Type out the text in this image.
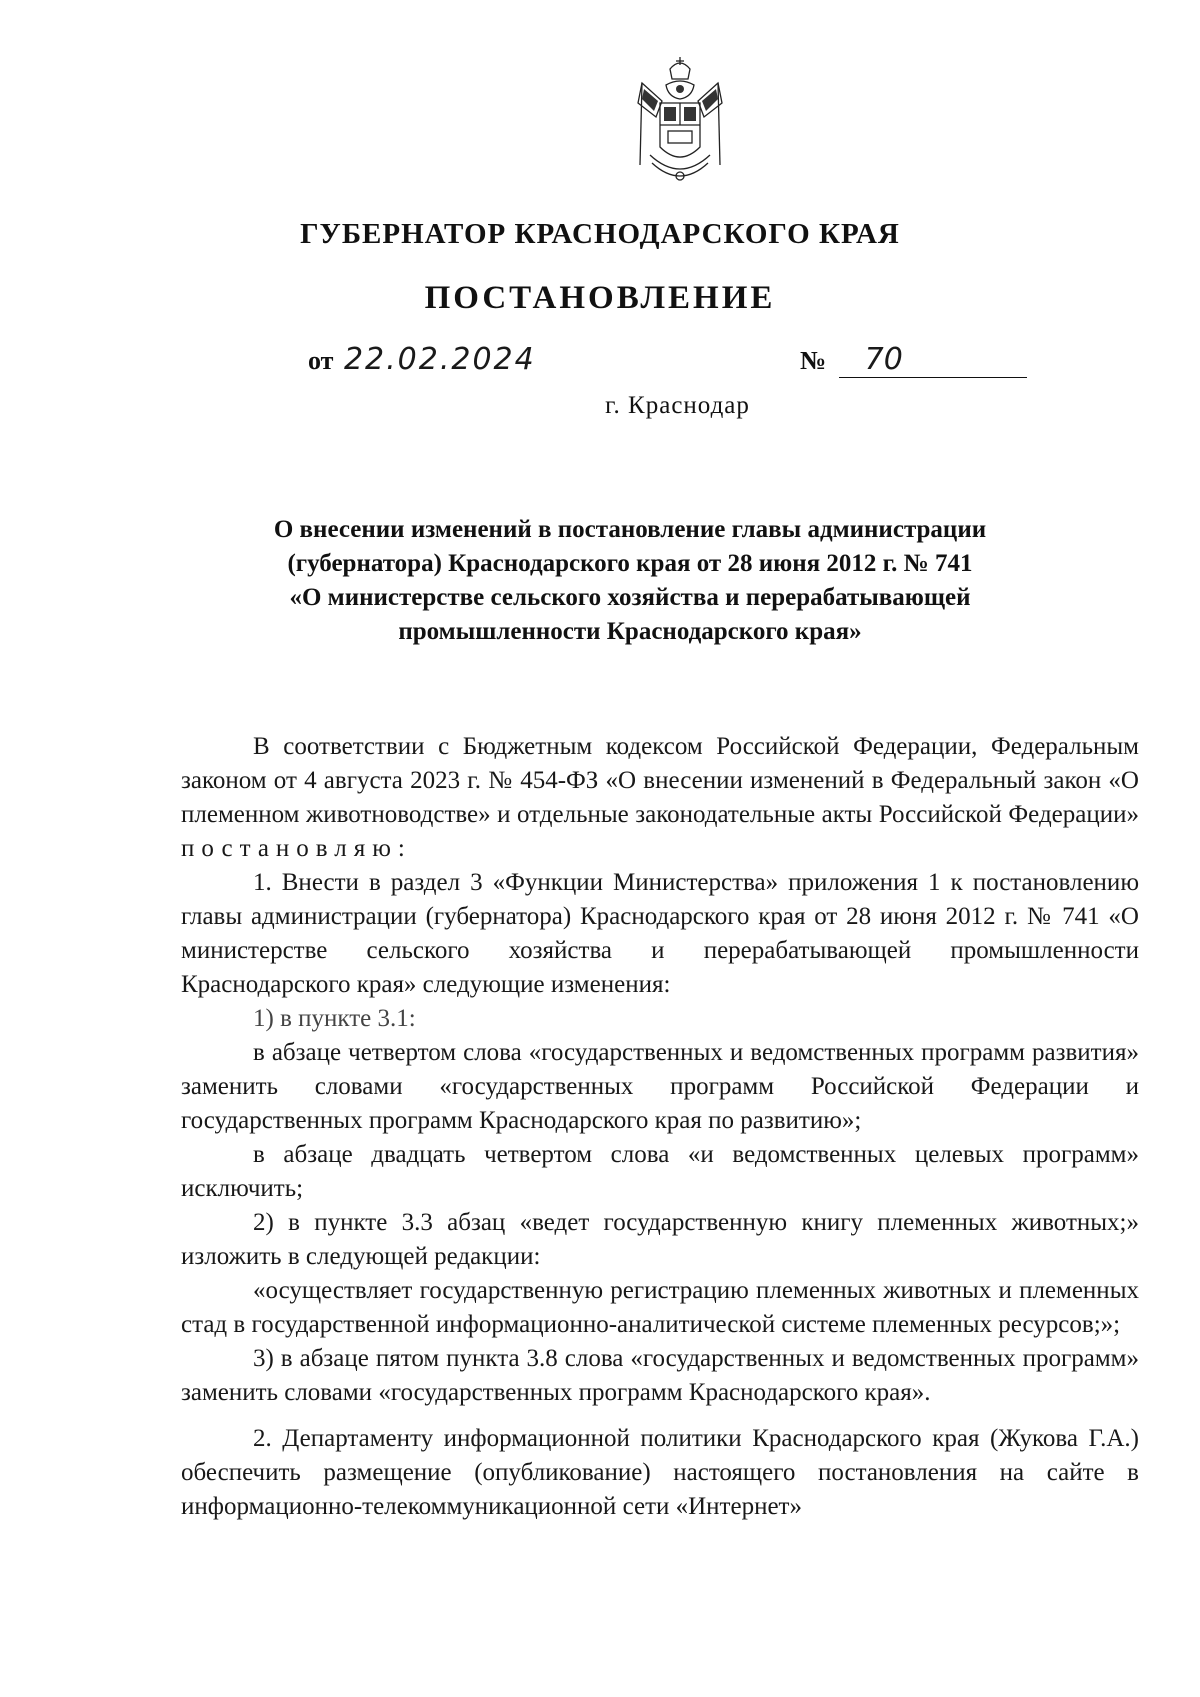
ГУБЕРНАТОР КРАСНОДАРСКОГО КРАЯ
ПОСТАНОВЛЕНИЕ
от 22.02.2024	№ 70
г. Краснодар
О внесении изменений в постановление главы администрации
(губернатора) Краснодарского края от 28 июня 2012 г. № 741
«О министерстве сельского хозяйства и перерабатывающей
промышленности Краснодарского края»

В соответствии с Бюджетным кодексом Российской Федерации, Федеральным законом от 4 августа 2023 г. № 454-ФЗ «О внесении изменений в Федеральный закон «О племенном животноводстве» и отдельные законодательные акты Российской Федерации» постановляю:

1. Внести в раздел 3 «Функции Министерства» приложения 1 к постановлению главы администрации (губернатора) Краснодарского края от 28 июня 2012 г. № 741 «О министерстве сельского хозяйства и перерабатывающей промышленности Краснодарского края» следующие изменения:

1) в пункте 3.1:

в абзаце четвертом слова «государственных и ведомственных программ развития» заменить словами «государственных программ Российской Федерации и государственных программ Краснодарского края по развитию»;

в абзаце двадцать четвертом слова «и ведомственных целевых программ» исключить;

2) в пункте 3.3 абзац «ведет государственную книгу племенных животных;» изложить в следующей редакции:

«осуществляет государственную регистрацию племенных животных и племенных стад в государственной информационно-аналитической системе племенных ресурсов;»;

3) в абзаце пятом пункта 3.8 слова «государственных и ведомственных программ» заменить словами «государственных программ Краснодарского края».

2. Департаменту информационной политики Краснодарского края (Жукова Г.А.) обеспечить размещение (опубликование) настоящего постановления на сайте в информационно-телекоммуникационной сети «Интернет»
